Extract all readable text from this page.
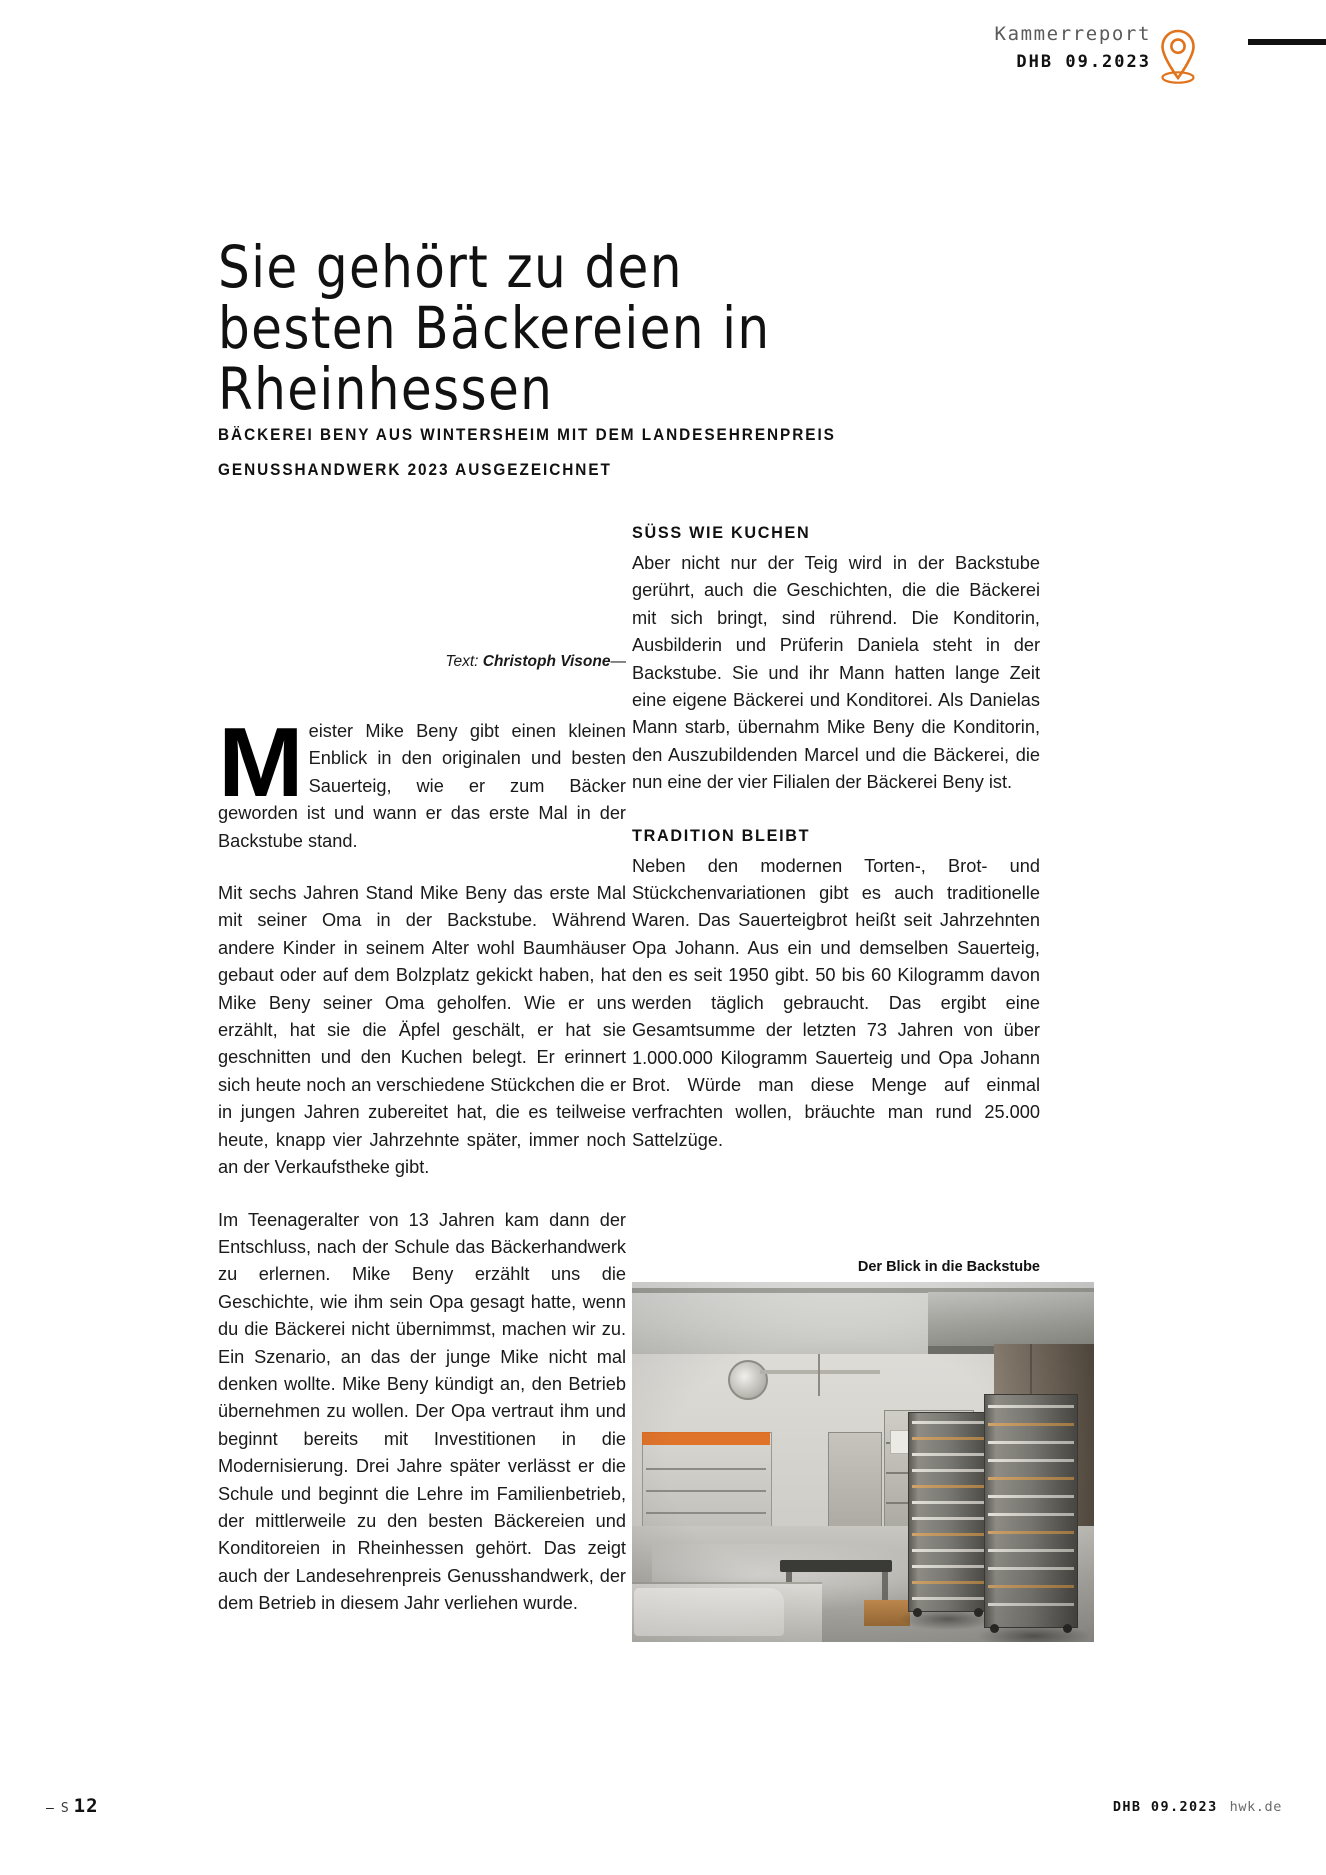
Kammerreport
DHB 09.2023
Sie gehört zu den
besten Bäckereien in
Rheinhessen
BÄCKEREI BENY AUS WINTERSHEIM MIT DEM LANDESEHRENPREIS
GENUSSHANDWERK 2023 AUSGEZEICHNET
Text: Christoph Visone—

Meister Mike Beny gibt einen kleinen Enblick in den originalen und besten Sauerteig, wie er zum Bäcker geworden ist und wann er das erste Mal in der Backstube stand.

Mit sechs Jahren Stand Mike Beny das erste Mal mit seiner Oma in der Backstube. Während andere Kinder in seinem Alter wohl Baumhäuser gebaut oder auf dem Bolzplatz gekickt haben, hat Mike Beny seiner Oma geholfen. Wie er uns erzählt, hat sie die Äpfel geschält, er hat sie geschnitten und den Kuchen belegt. Er erinnert sich heute noch an verschiedene Stückchen die er in jungen Jahren zubereitet hat, die es teilweise heute, knapp vier Jahrzehnte später, immer noch an der Verkaufstheke gibt.

Im Teenageralter von 13 Jahren kam dann der Entschluss, nach der Schule das Bäckerhandwerk zu erlernen. Mike Beny erzählt uns die Geschichte, wie ihm sein Opa gesagt hatte, wenn du die Bäckerei nicht übernimmst, machen wir zu. Ein Szenario, an das der junge Mike nicht mal denken wollte. Mike Beny kündigt an, den Betrieb übernehmen zu wollen. Der Opa vertraut ihm und beginnt bereits mit Investitionen in die Modernisierung. Drei Jahre später verlässt er die Schule und beginnt die Lehre im Familienbetrieb, der mittlerweile zu den besten Bäckereien und Konditoreien in Rheinhessen gehört. Das zeigt auch der Landesehrenpreis Genusshandwerk, der dem Betrieb in diesem Jahr verliehen wurde.

SÜSS WIE KUCHEN

Aber nicht nur der Teig wird in der Backstube gerührt, auch die Geschichten, die die Bäckerei mit sich bringt, sind rührend. Die Konditorin, Ausbilderin und Prüferin Daniela steht in der Backstube. Sie und ihr Mann hatten lange Zeit eine eigene Bäckerei und Konditorei. Als Danielas Mann starb, übernahm Mike Beny die Konditorin, den Auszubildenden Marcel und die Bäckerei, die nun eine der vier Filialen der Bäckerei Beny ist.

TRADITION BLEIBT

Neben den modernen Torten-, Brot- und Stückchenvariationen gibt es auch traditionelle Waren. Das Sauerteigbrot heißt seit Jahrzehnten Opa Johann. Aus ein und demselben Sauerteig, den es seit 1950 gibt. 50 bis 60 Kilogramm davon werden täglich gebraucht. Das ergibt eine Gesamtsumme der letzten 73 Jahren von über 1.000.000 Kilogramm Sauerteig und Opa Johann Brot. Würde man diese Menge auf einmal verfrachten wollen, bräuchte man rund 25.000 Sattelzüge.

Der Blick in die Backstube
— S 12	DHB 09.2023 hwk.de
